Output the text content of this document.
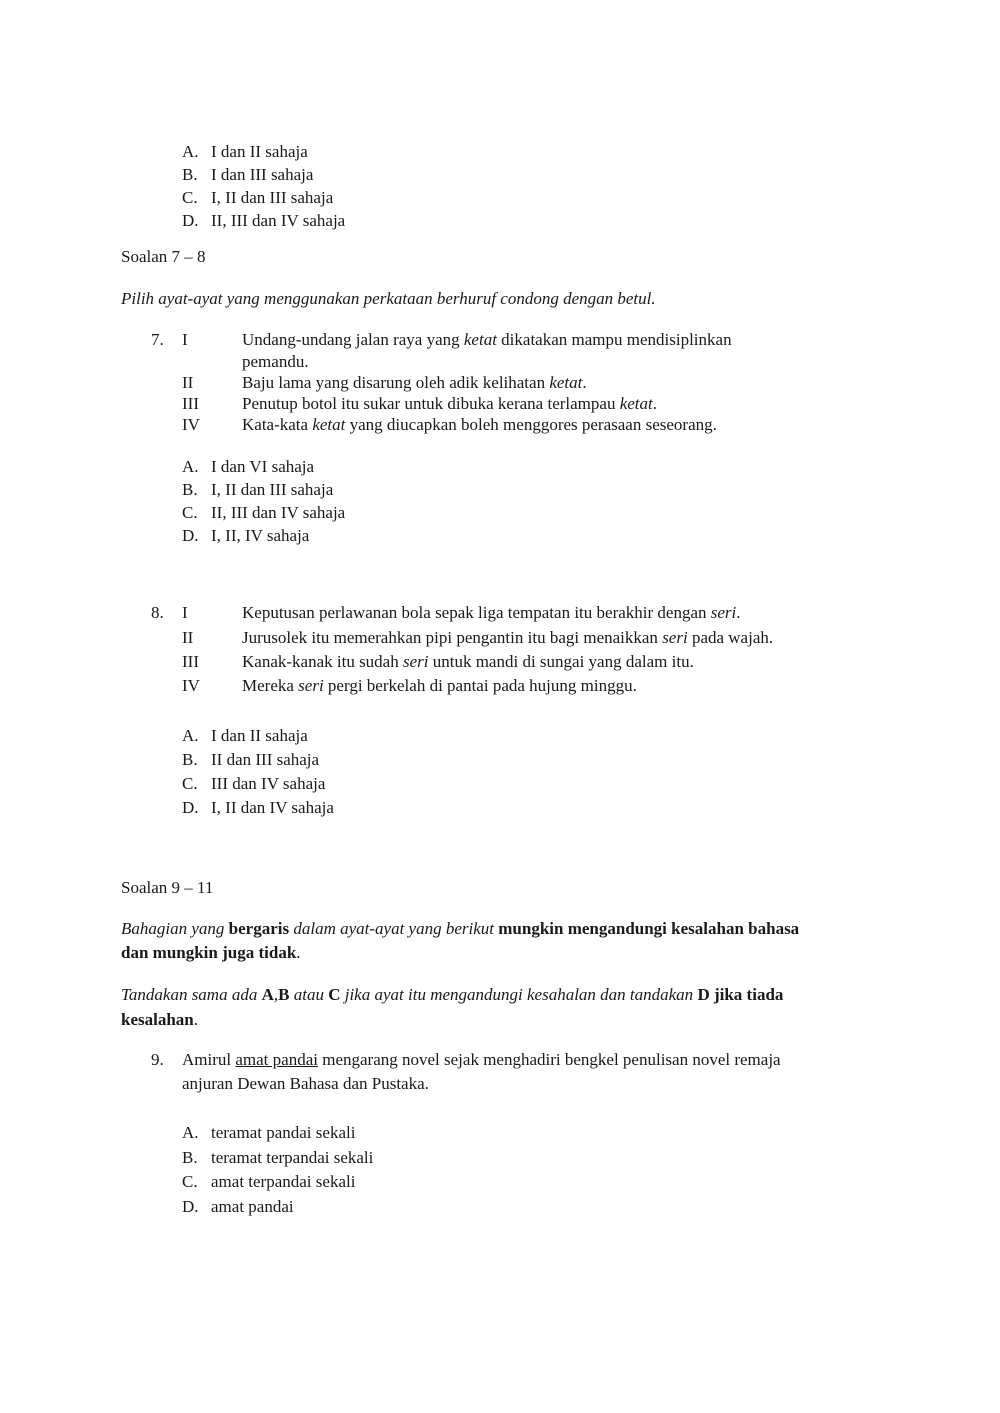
A. I dan II sahaja
B. I dan III sahaja
C. I, II dan III sahaja
D. II, III dan IV sahaja
Soalan 7 – 8
Pilih ayat-ayat yang menggunakan perkataan berhuruf condong dengan betul.
7. I	Undang-undang jalan raya yang ketat dikatakan mampu mendisiplinkan
pemandu.
II	Baju lama yang disarung oleh adik kelihatan ketat.
III	Penutup botol itu sukar untuk dibuka kerana terlampau ketat.
IV Kata-kata ketat yang diucapkan boleh menggores perasaan seseorang.
A. I dan VI sahaja
B. I, II dan III sahaja
C. II, III dan IV sahaja
D. I, II, IV sahaja
8. I	Keputusan perlawanan bola sepak liga tempatan itu berakhir dengan seri.
II	Jurusolek itu memerahkan pipi pengantin itu bagi menaikkan seri pada wajah.
III	Kanak-kanak itu sudah seri untuk mandi di sungai yang dalam itu.
IV Mereka seri pergi berkelah di pantai pada hujung minggu.
A. I dan II sahaja
B. II dan III sahaja
C. III dan IV sahaja
D. I, II dan IV sahaja
Soalan 9 – 11
Bahagian yang bergaris dalam ayat-ayat yang berikut mungkin mengandungi kesalahan bahasa
dan mungkin juga tidak.
Tandakan sama ada A,B atau C jika ayat itu mengandungi kesahalan dan tandakan D jika tiada
kesalahan.
9. Amirul amat pandai mengarang novel sejak menghadiri bengkel penulisan novel remaja
anjuran Dewan Bahasa dan Pustaka.
A. teramat pandai sekali
B. teramat terpandai sekali
C. amat terpandai sekali
D. amat pandai
